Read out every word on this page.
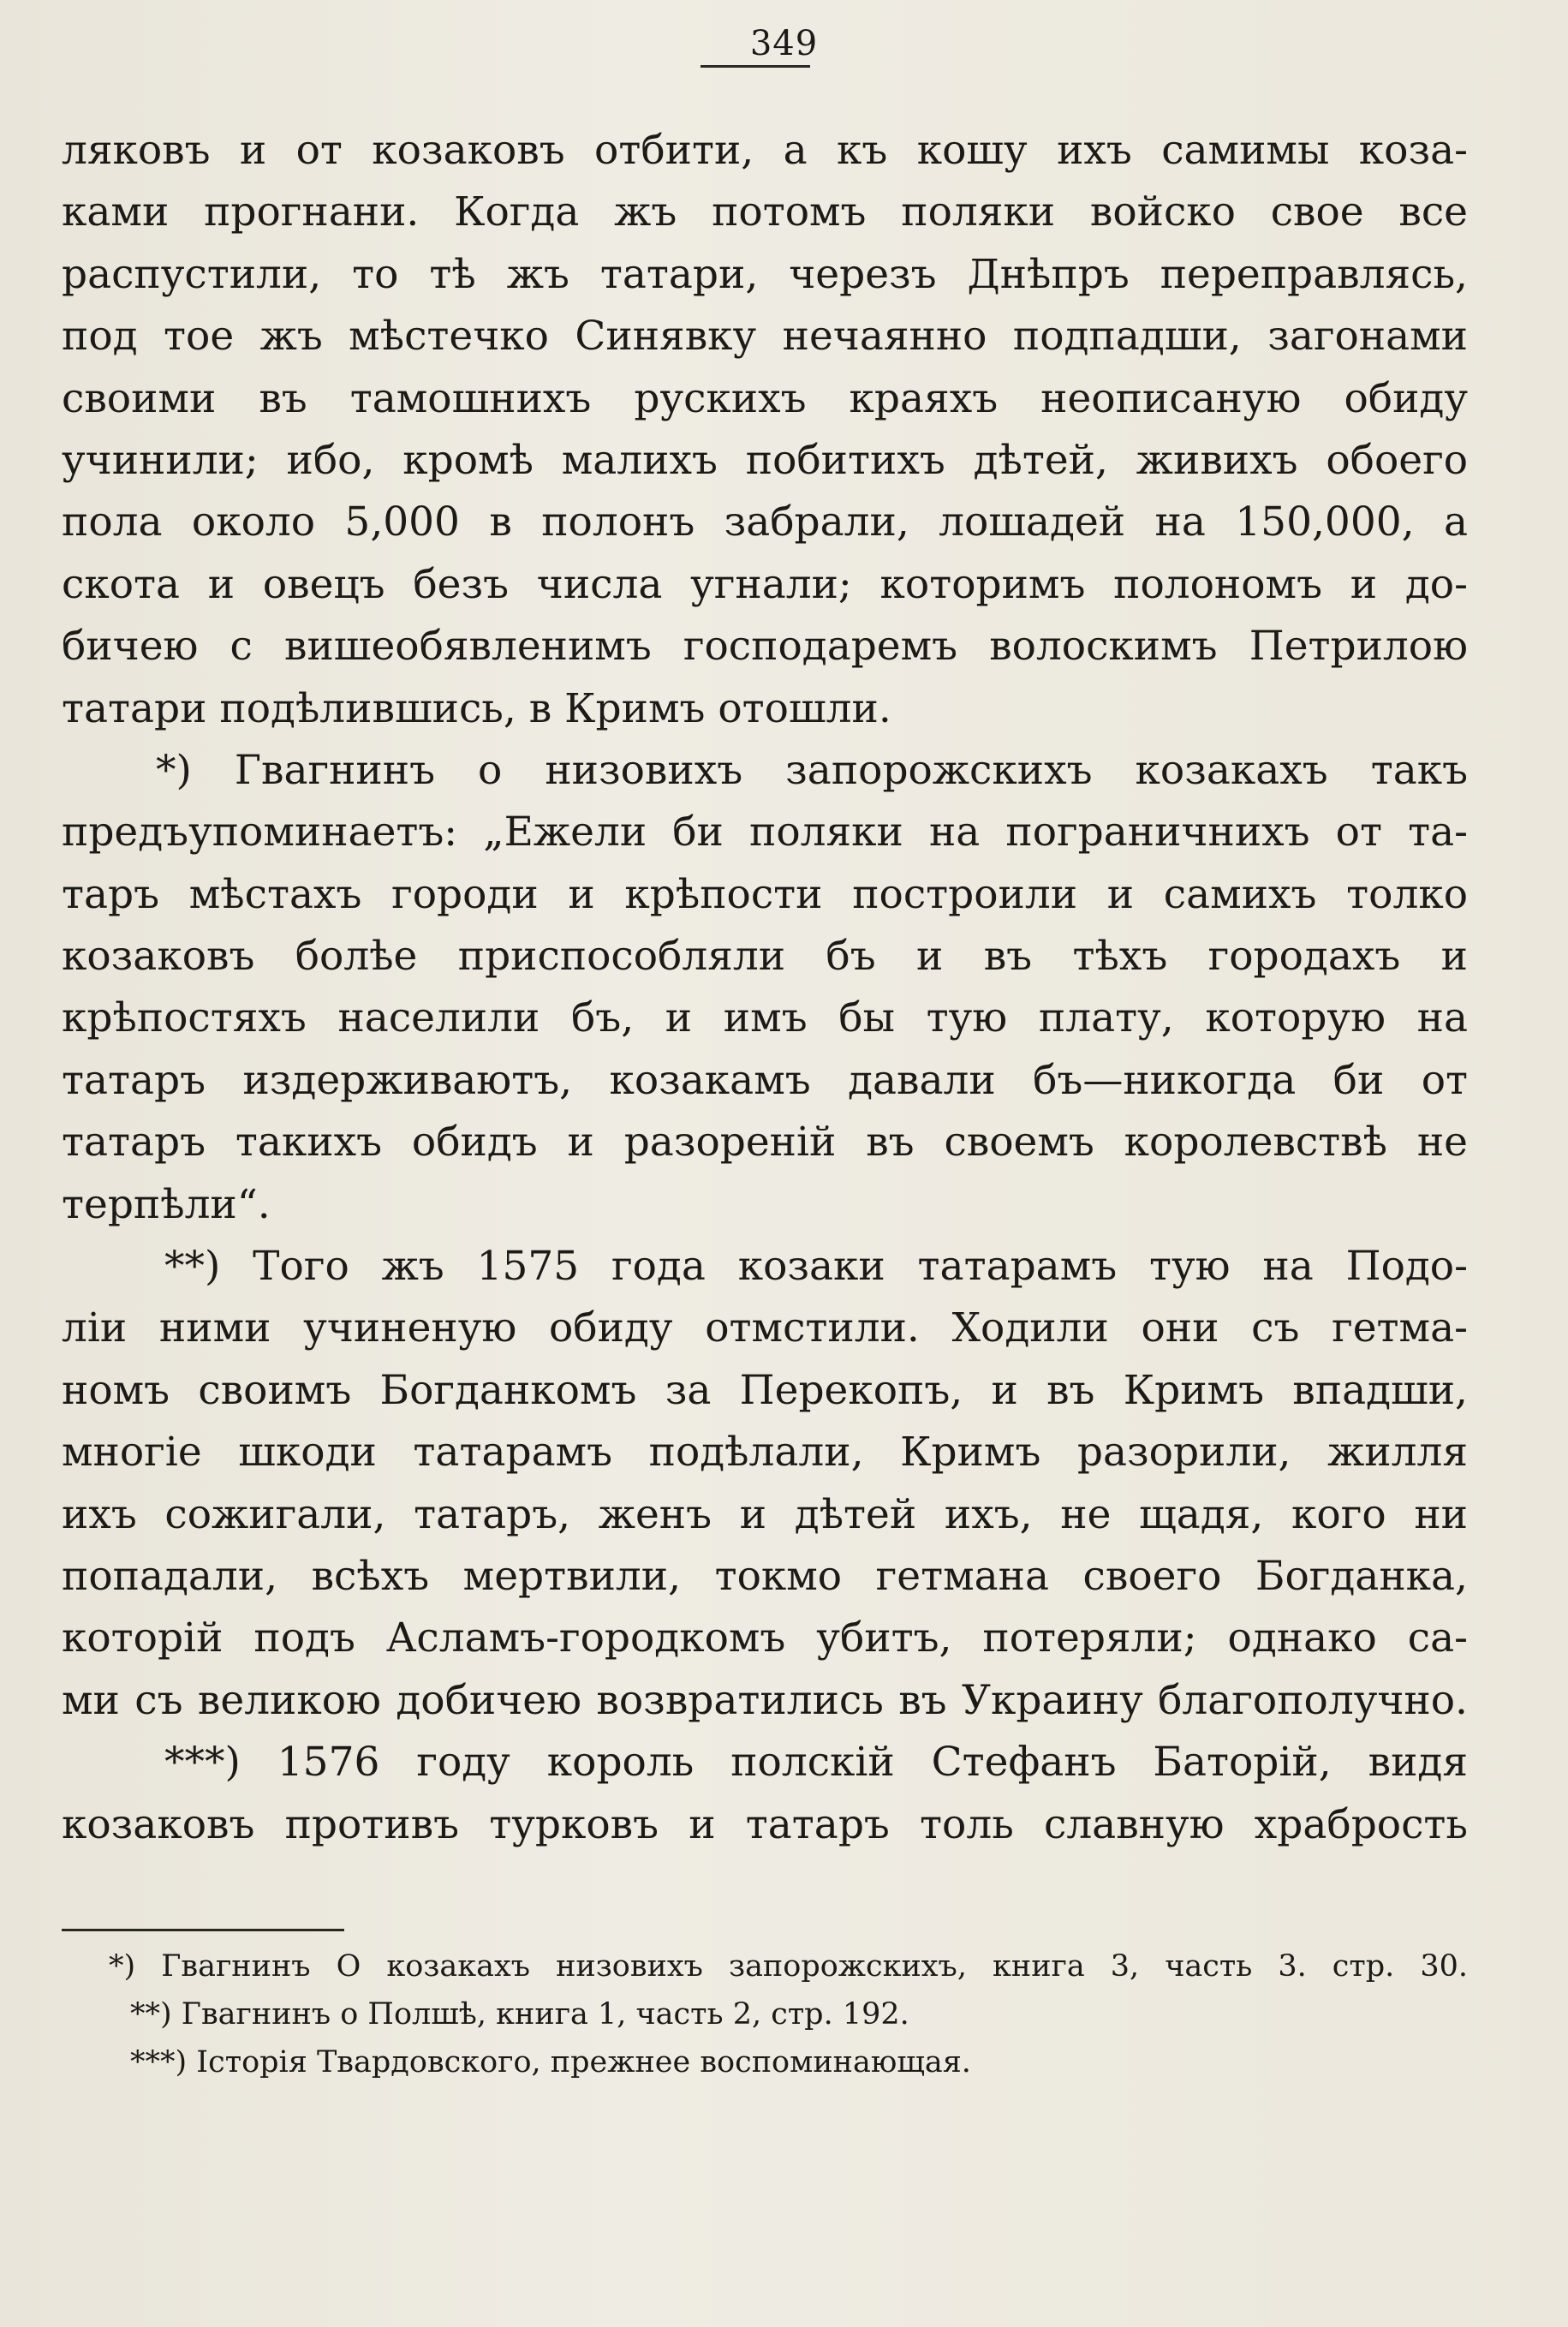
349
ляковъ и от козаковъ отбити, а къ кошу ихъ самимы коза-
ками прогнани. Когда жъ потомъ поляки войско свое все
распустили, то тѣ жъ татари, черезъ Днѣпръ переправлясь,
под тое жъ мѣстечко Синявку нечаянно подпадши, загонами
своими въ тамошнихъ рускихъ краяхъ неописаную обиду
учинили; ибо, кромѣ малихъ побитихъ дѣтей, живихъ обоего
пола около 5,000 в полонъ забрали, лошадей на 150,000, а
скота и овецъ безъ числа угнали; которимъ полономъ и до-
бичею с вишеобявленимъ господаремъ волоскимъ Петрилою
татари подѣлившись, в Кримъ отошли.
*) Гвагнинъ о низовихъ запорожскихъ козакахъ такъ
предъупоминаетъ: „Ежели би поляки на пограничнихъ от та-
таръ мѣстахъ городи и крѣпости построили и самихъ толко
козаковъ болѣе приспособляли бъ и въ тѣхъ городахъ и
крѣпостяхъ населили бъ, и имъ бы тую плату, которую на
татаръ издерживаютъ, козакамъ давали бъ—никогда би от
татаръ такихъ обидъ и разоренiй въ своемъ королевствѣ не
терпѣли“.
**) Того жъ 1575 года козаки татарамъ тую на Подо-
лiи ними учиненую обиду отмстили. Ходили они съ гетма-
номъ своимъ Богданкомъ за Перекопъ, и въ Кримъ впадши,
многiе шкоди татарамъ подѣлали, Кримъ разорили, жилля
ихъ сожигали, татаръ, женъ и дѣтей ихъ, не щадя, кого ни
попадали, всѣхъ мертвили, токмо гетмана своего Богданка,
которiй подъ Асламъ-городкомъ убитъ, потеряли; однако са-
ми съ великою добичею возвратились въ Украину благополучно.
***) 1576 году король полскiй Стефанъ Баторiй, видя
козаковъ противъ турковъ и татаръ толь славную храбрость
*) Гвагнинъ О козакахъ низовихъ запорожскихъ, книга 3, часть 3. стр. 30.
**) Гвагнинъ о Полшѣ, книга 1, часть 2, стр. 192.
***) Iсторiя Твардовского, прежнее воспоминающая.
